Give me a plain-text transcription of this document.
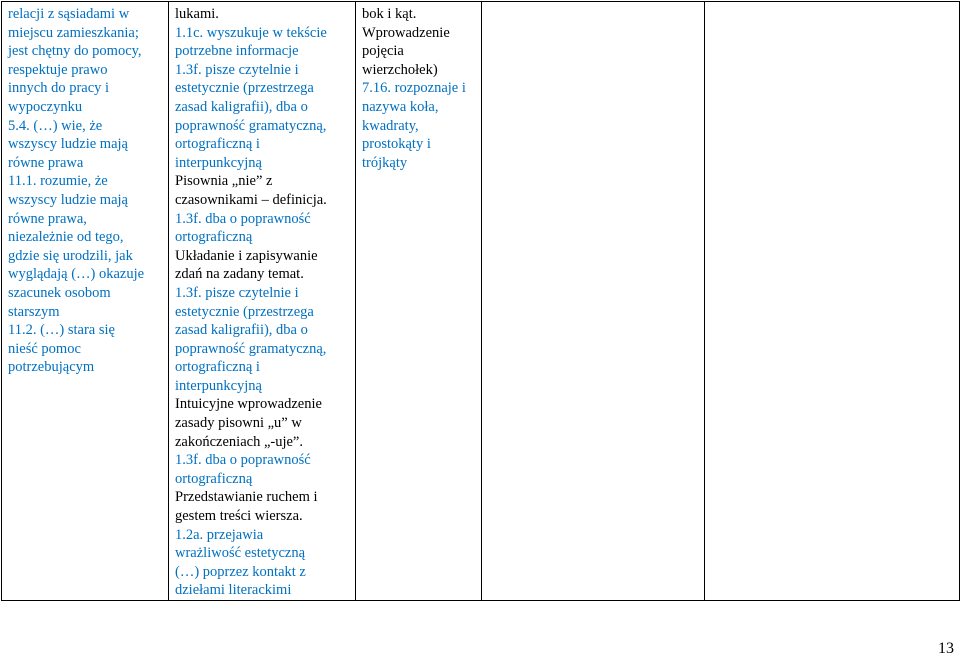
relacji z sąsiadami w
miejscu zamieszkania;
jest chętny do pomocy,
respektuje prawo
innych do pracy i
wypoczynku
5.4. (…) wie, że
wszyscy ludzie mają
równe prawa
11.1. rozumie, że
wszyscy ludzie mają
równe prawa,
niezależnie od tego,
gdzie się urodzili, jak
wyglądają (…) okazuje
szacunek osobom
starszym
11.2. (…) stara się
nieść pomoc
potrzebującym

lukami.
1.1c. wyszukuje w tekście
potrzebne informacje
1.3f. pisze czytelnie i
estetycznie (przestrzega
zasad kaligrafii), dba o
poprawność gramatyczną,
ortograficzną i
interpunkcyjną
Pisownia „nie” z
czasownikami – definicja.
1.3f. dba o poprawność
ortograficzną
Układanie i zapisywanie
zdań na zadany temat.
1.3f. pisze czytelnie i
estetycznie (przestrzega
zasad kaligrafii), dba o
poprawność gramatyczną,
ortograficzną i
interpunkcyjną
Intuicyjne wprowadzenie
zasady pisowni „u” w
zakończeniach „-uje”.
1.3f. dba o poprawność
ortograficzną
Przedstawianie ruchem i
gestem treści wiersza.
1.2a. przejawia
wrażliwość estetyczną
(…) poprzez kontakt z
dziełami literackimi

bok i kąt.
Wprowadzenie
pojęcia
wierzchołek)
7.16. rozpoznaje i
nazywa koła,
kwadraty,
prostokąty i
trójkąty

13
